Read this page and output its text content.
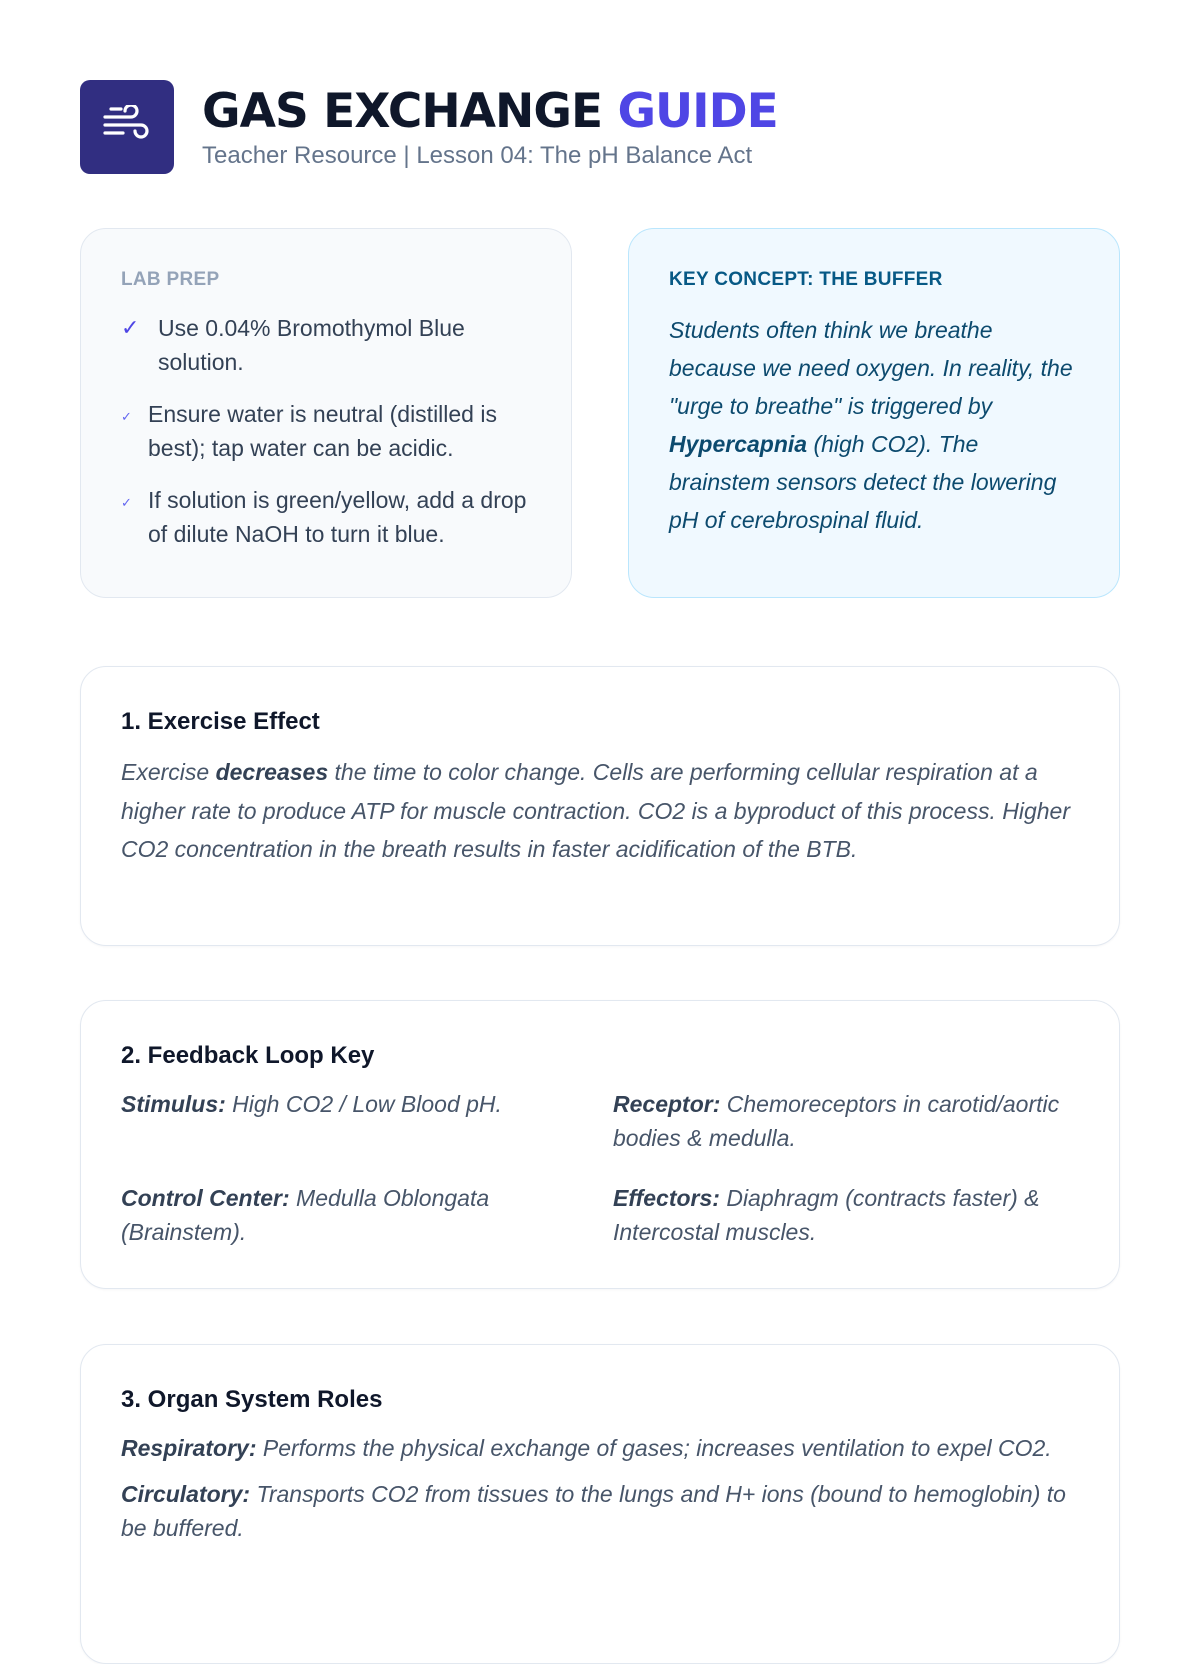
GAS EXCHANGE GUIDE
Teacher Resource | Lesson 04: The pH Balance Act
LAB PREP
✓ Use 0.04% Bromothymol Blue solution.
✓ Ensure water is neutral (distilled is best); tap water can be acidic.
✓ If solution is green/yellow, add a drop of dilute NaOH to turn it blue.
KEY CONCEPT: THE BUFFER

Students often think we breathe because we need oxygen. In reality, the "urge to breathe" is triggered by Hypercapnia (high CO2). The brainstem sensors detect the lowering pH of cerebrospinal fluid.

1. Exercise Effect

Exercise decreases the time to color change. Cells are performing cellular respiration at a higher rate to produce ATP for muscle contraction. CO2 is a byproduct of this process. Higher CO2 concentration in the breath results in faster acidification of the BTB.

2. Feedback Loop Key
Stimulus: High CO2 / Low Blood pH.	Receptor: Chemoreceptors in carotid/aortic bodies & medulla.
Control Center: Medulla Oblongata (Brainstem).
Effectors: Diaphragm (contracts faster) & Intercostal muscles.
3. Organ System Roles

Respiratory: Performs the physical exchange of gases; increases ventilation to expel CO2.

Circulatory: Transports CO2 from tissues to the lungs and H+ ions (bound to hemoglobin) to be buffered.
